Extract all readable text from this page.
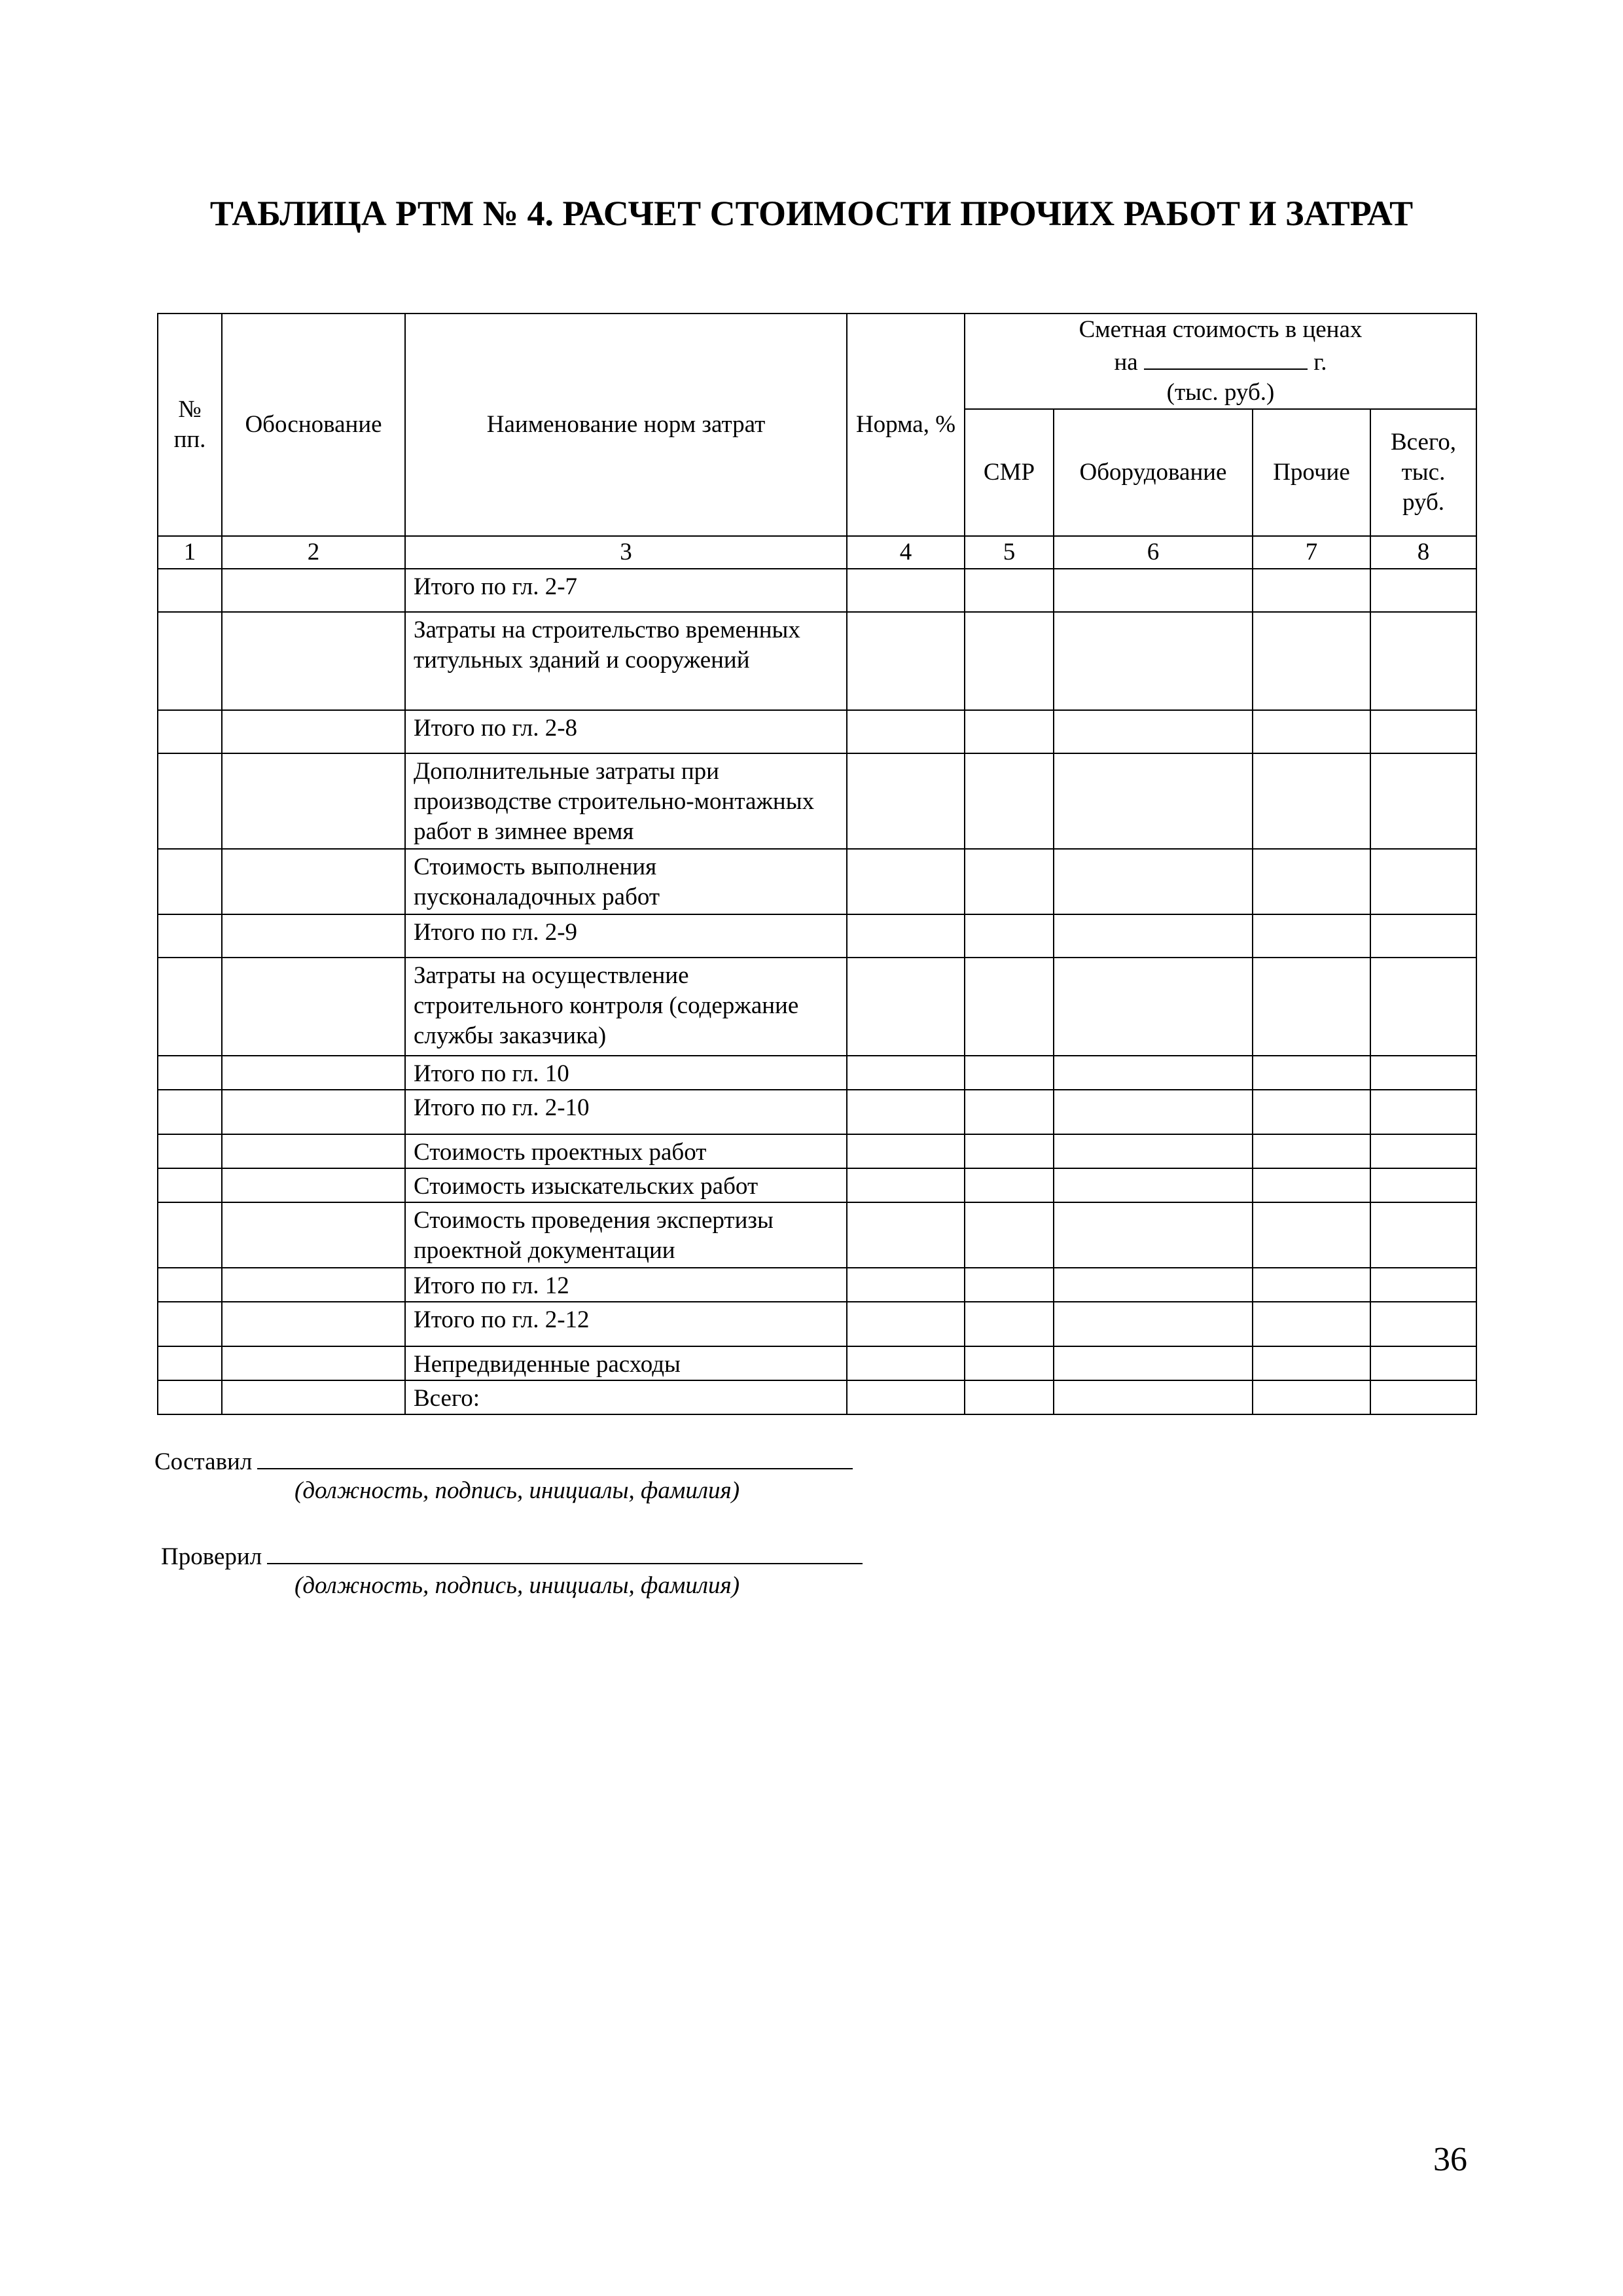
ТАБЛИЦА РТМ № 4. РАСЧЕТ СТОИМОСТИ ПРОЧИХ РАБОТ И ЗАТРАТ
№ пп.	Обоснование	Наименование норм затрат	Норма, %	Сметная стоимость в ценах
на г.
(тыс. руб.)			

				СМР	Оборудование	Прочие	Всего, тыс. руб.
1	2	3	4	5	6	7	8
		Итого по гл. 2-7					
		Затраты на строительство временных титульных зданий и сооружений					
		Итого по гл. 2-8					
		Дополнительные затраты при производстве строительно-монтажных работ в зимнее время					
		Стоимость выполнения пусконаладочных работ					
		Итого по гл. 2-9					
		Затраты на осуществление строительного контроля (содержание службы заказчика)					
		Итого по гл. 10					
		Итого по гл. 2-10					
		Стоимость проектных работ					
		Стоимость изыскательских работ					
		Стоимость проведения экспертизы проектной документации					
		Итого по гл. 12					
		Итого по гл. 2-12					
		Непредвиденные расходы					
		Всего:					
Составил
(должность, подпись, инициалы, фамилия)
Проверил
(должность, подпись, инициалы, фамилия)
36
